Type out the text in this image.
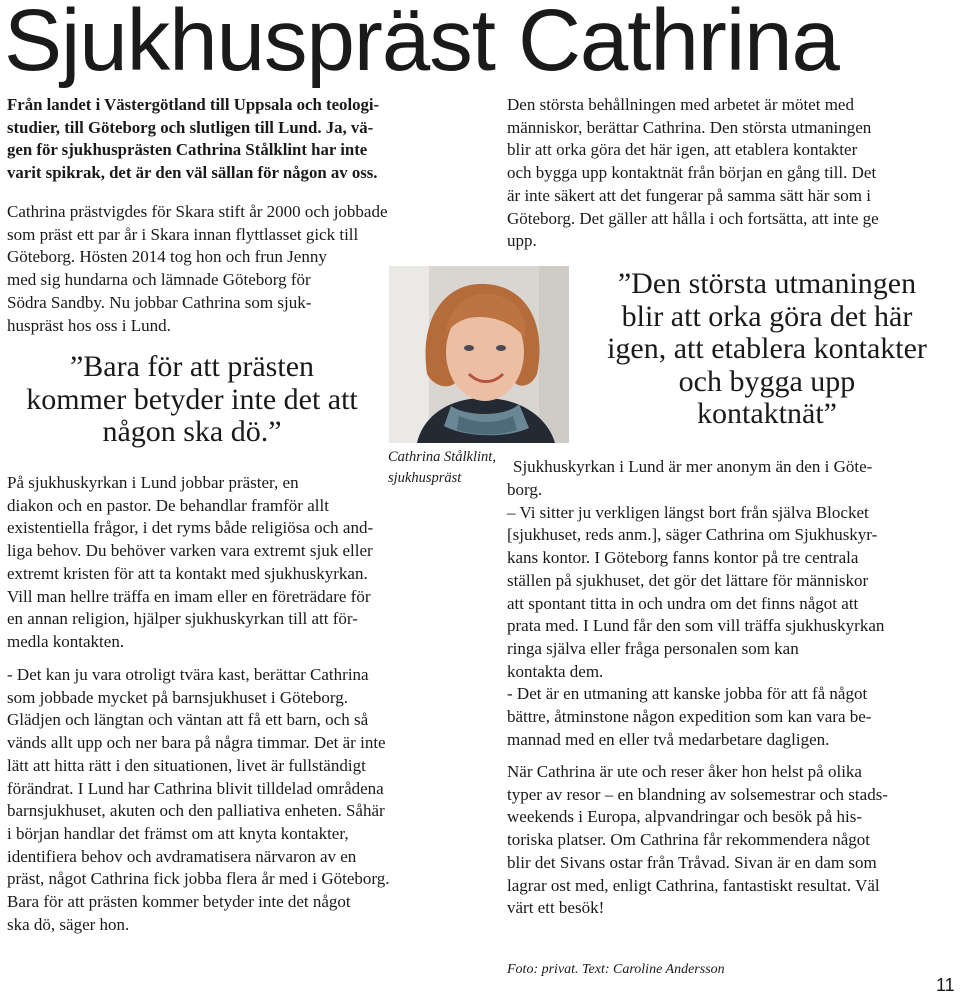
Sjukhuspräst Cathrina
Från landet i Västergötland till Uppsala och teologi-
studier, till Göteborg och slutligen till Lund. Ja, vä-
gen för sjukhusprästen Cathrina Stålklint har inte
varit spikrak, det är den väl sällan för någon av oss.
Cathrina prästvigdes för Skara stift år 2000 och jobbade
som präst ett par år i Skara innan flyttlasset gick till
Göteborg. Hösten 2014 tog hon och frun Jenny
med sig hundarna och lämnade Göteborg för
Södra Sandby. Nu jobbar Cathrina som sjuk-
huspräst hos oss i Lund.
”Bara för att prästen
kommer betyder inte det att
någon ska dö.”
Cathrina Stålklint,
sjukhuspräst
På sjukhuskyrkan i Lund jobbar präster, en
diakon och en pastor. De behandlar framför allt
existentiella frågor, i det ryms både religiösa och and-
liga behov. Du behöver varken vara extremt sjuk eller
extremt kristen för att ta kontakt med sjukhuskyrkan.
Vill man hellre träffa en imam eller en företrädare för
en annan religion, hjälper sjukhuskyrkan till att för-
medla kontakten.
- Det kan ju vara otroligt tvära kast, berättar Cathrina
som jobbade mycket på barnsjukhuset i Göteborg.
Glädjen och längtan och väntan att få ett barn, och så
vänds allt upp och ner bara på några timmar. Det är inte
lätt att hitta rätt i den situationen, livet är fullständigt
förändrat. I Lund har Cathrina blivit tilldelad områdena
barnsjukhuset, akuten och den palliativa enheten. Såhär
i början handlar det främst om att knyta kontakter,
identifiera behov och avdramatisera närvaron av en
präst, något Cathrina fick jobba flera år med i Göteborg.
Bara för att prästen kommer betyder inte det något
ska dö, säger hon.
Den största behållningen med arbetet är mötet med
människor, berättar Cathrina. Den största utmaningen
blir att orka göra det här igen, att etablera kontakter
och bygga upp kontaktnät från början en gång till. Det
är inte säkert att det fungerar på samma sätt här som i
Göteborg. Det gäller att hålla i och fortsätta, att inte ge
upp.
”Den största utmaningen
blir att orka göra det här
igen, att etablera kontakter
och bygga upp
kontaktnät”
Sjukhuskyrkan i Lund är mer anonym än den i Göte-
borg.
– Vi sitter ju verkligen längst bort från själva Blocket
[sjukhuset, reds anm.], säger Cathrina om Sjukhuskyr-
kans kontor. I Göteborg fanns kontor på tre centrala
ställen på sjukhuset, det gör det lättare för människor
att spontant titta in och undra om det finns något att
prata med. I Lund får den som vill träffa sjukhuskyrkan
ringa själva eller fråga personalen som kan
kontakta dem.
- Det är en utmaning att kanske jobba för att få något
bättre, åtminstone någon expedition som kan vara be-
mannad med en eller två medarbetare dagligen.
När Cathrina är ute och reser åker hon helst på olika
typer av resor – en blandning av solsemestrar och stads-
weekends i Europa, alpvandringar och besök på his-
toriska platser. Om Cathrina får rekommendera något
blir det Sivans ostar från Tråvad. Sivan är en dam som
lagrar ost med, enligt Cathrina, fantastiskt resultat. Väl
värt ett besök!
Foto: privat. Text: Caroline Andersson
11
